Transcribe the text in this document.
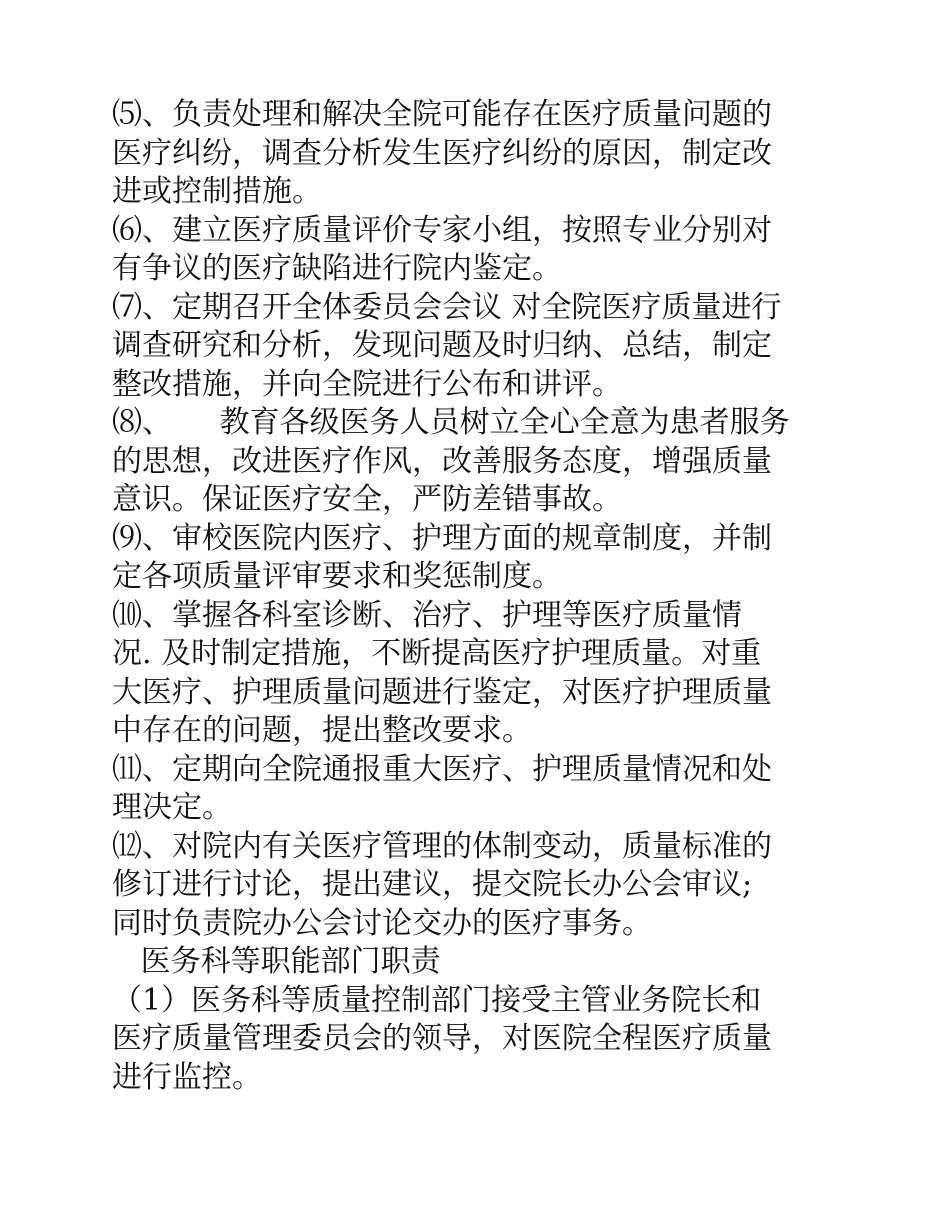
⑸、负责处理和解决全院可能存在医疗质量问题的
医疗纠纷，调查分析发生医疗纠纷的原因，制定改
进或控制措施。
⑹、建立医疗质量评价专家小组，按照专业分别对
有争议的医疗缺陷进行院内鉴定。
⑺、定期召开全体委员会会议 对全院医疗质量进行
调查研究和分析，发现问题及时归纳、总结，制定
整改措施，并向全院进行公布和讲评。
⑻、     教育各级医务人员树立全心全意为患者服务
的思想，改进医疗作风，改善服务态度，增强质量
意识。保证医疗安全，严防差错事故。
⑼、审校医院内医疗、护理方面的规章制度，并制
定各项质量评审要求和奖惩制度。
⑽、掌握各科室诊断、治疗、护理等医疗质量情
况. 及时制定措施，不断提高医疗护理质量。对重
大医疗、护理质量问题进行鉴定，对医疗护理质量
中存在的问题，提出整改要求。
⑾、定期向全院通报重大医疗、护理质量情况和处
理决定。
⑿、对院内有关医疗管理的体制变动，质量标准的
修订进行讨论，提出建议，提交院长办公会审议;
同时负责院办公会讨论交办的医疗事务。
医务科等职能部门职责
（1）医务科等质量控制部门接受主管业务院长和
医疗质量管理委员会的领导，对医院全程医疗质量
进行监控。
